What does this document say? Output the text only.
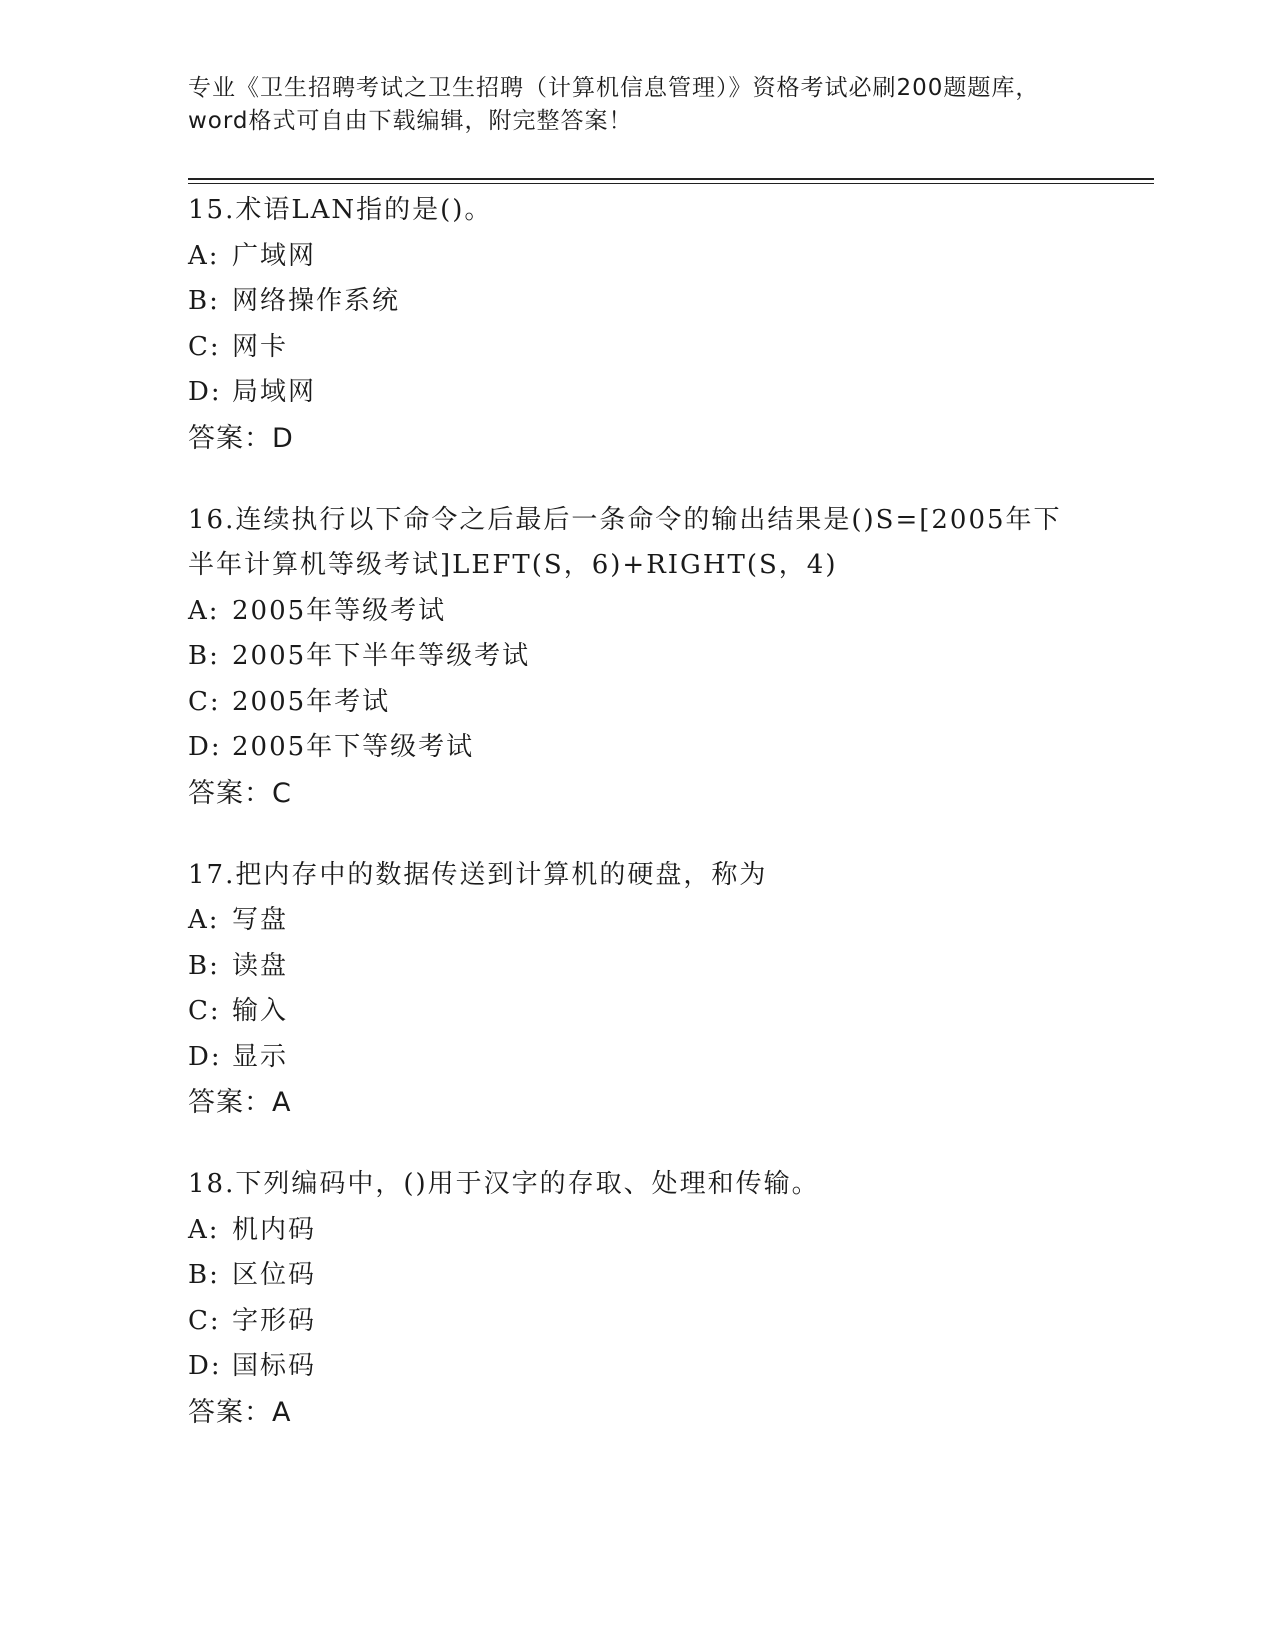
专业《卫生招聘考试之卫生招聘（计算机信息管理）》资格考试必刷200题题库，
word格式可自由下载编辑，附完整答案！
15.术语LAN指的是()。
A: 广域网
B: 网络操作系统
C: 网卡
D: 局域网
答案：D
16.连续执行以下命令之后最后一条命令的输出结果是()S=[2005年下
半年计算机等级考试]LEFT(S，6)+RIGHT(S，4)
A: 2005年等级考试
B: 2005年下半年等级考试
C: 2005年考试
D: 2005年下等级考试
答案：C
17.把内存中的数据传送到计算机的硬盘，称为
A: 写盘
B: 读盘
C: 输入
D: 显示
答案：A
18.下列编码中，()用于汉字的存取、处理和传输。
A: 机内码
B: 区位码
C: 字形码
D: 国标码
答案：A
